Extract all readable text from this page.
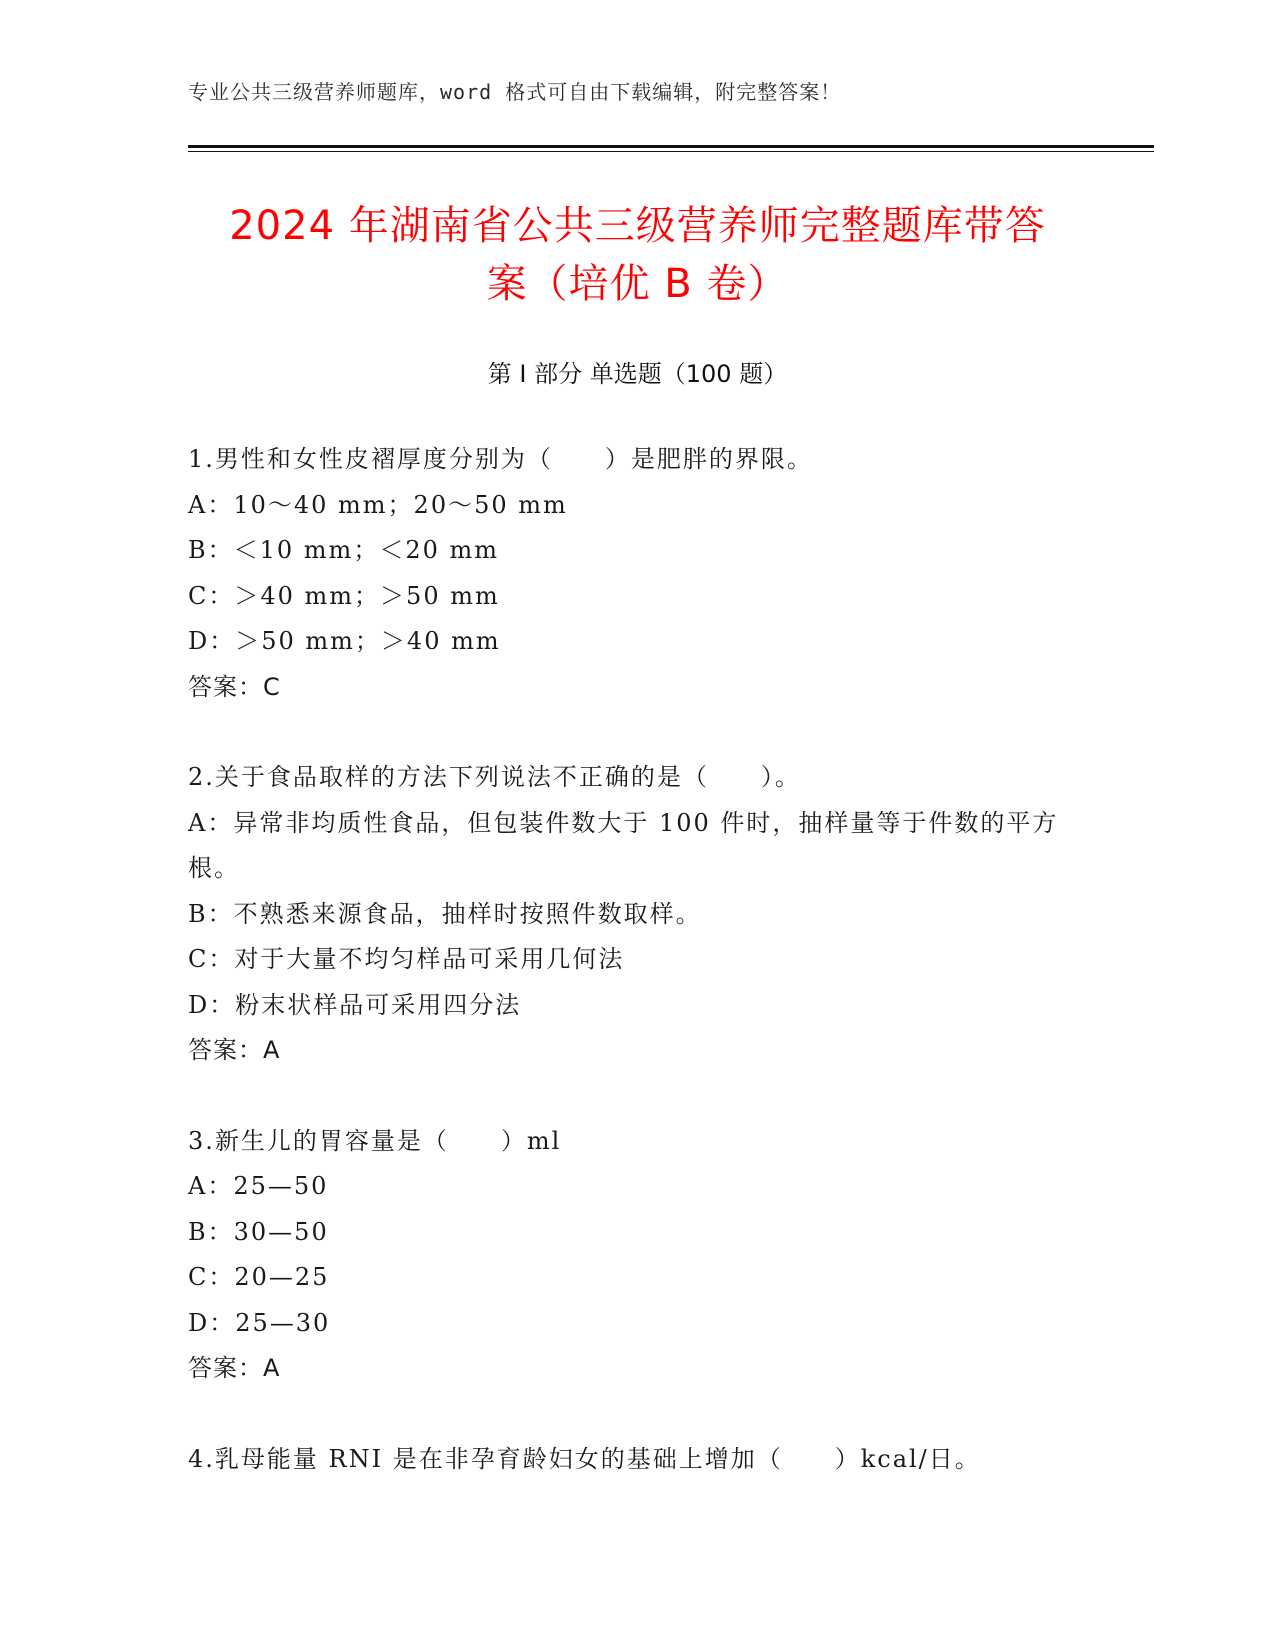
专业公共三级营养师题库，word 格式可自由下载编辑，附完整答案！
2024 年湖南省公共三级营养师完整题库带答
案（培优 B 卷）
第 I 部分 单选题（100 题）
1.男性和女性皮褶厚度分别为（　　）是肥胖的界限。
A：10～40 mm；20～50 mm
B：＜10 mm；＜20 mm
C：＞40 mm；＞50 mm
D：＞50 mm；＞40 mm
答案：C
2.关于食品取样的方法下列说法不正确的是（　　）。
A：异常非均质性食品，但包装件数大于 100 件时，抽样量等于件数的平方根。
B：不熟悉来源食品，抽样时按照件数取样。
C：对于大量不均匀样品可采用几何法
D：粉末状样品可采用四分法
答案：A
3.新生儿的胃容量是（　　）ml
A：25—50
B：30—50
C：20—25
D：25—30
答案：A
4.乳母能量 RNI 是在非孕育龄妇女的基础上增加（　　）kcal/日。
